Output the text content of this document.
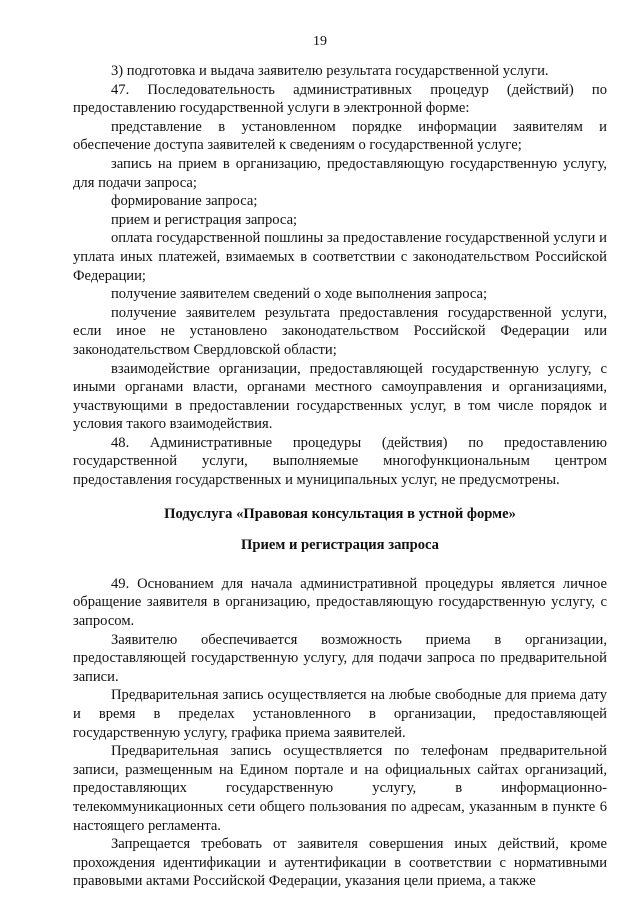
19

3) подготовка и выдача заявителю результата государственной услуги.

47. Последовательность административных процедур (действий) по предоставлению государственной услуги в электронной форме:

представление в установленном порядке информации заявителям и обеспечение доступа заявителей к сведениям о государственной услуге;

запись на прием в организацию, предоставляющую государственную услугу, для подачи запроса;

формирование запроса;

прием и регистрация запроса;

оплата государственной пошлины за предоставление государственной услуги и уплата иных платежей, взимаемых в соответствии с законодательством Российской Федерации;

получение заявителем сведений о ходе выполнения запроса;

получение заявителем результата предоставления государственной услуги, если иное не установлено законодательством Российской Федерации или законодательством Свердловской области;

взаимодействие организации, предоставляющей государственную услугу, с иными органами власти, органами местного самоуправления и организациями, участвующими в предоставлении государственных услуг, в том числе порядок и условия такого взаимодействия.

48. Административные процедуры (действия) по предоставлению государственной услуги, выполняемые многофункциональным центром предоставления государственных и муниципальных услуг, не предусмотрены.

Подуслуга «Правовая консультация в устной форме»

Прием и регистрация запроса

49. Основанием для начала административной процедуры является личное обращение заявителя в организацию, предоставляющую государственную услугу, с запросом.

Заявителю обеспечивается возможность приема в организации, предоставляющей государственную услугу, для подачи запроса по предварительной записи.

Предварительная запись осуществляется на любые свободные для приема дату и время в пределах установленного в организации, предоставляющей государственную услугу, графика приема заявителей.

Предварительная запись осуществляется по телефонам предварительной записи, размещенным на Едином портале и на официальных сайтах организаций, предоставляющих государственную услугу, в информационно-телекоммуникационных сети общего пользования по адресам, указанным в пункте 6 настоящего регламента.

Запрещается требовать от заявителя совершения иных действий, кроме прохождения идентификации и аутентификации в соответствии с нормативными правовыми актами Российской Федерации, указания цели приема, а также
